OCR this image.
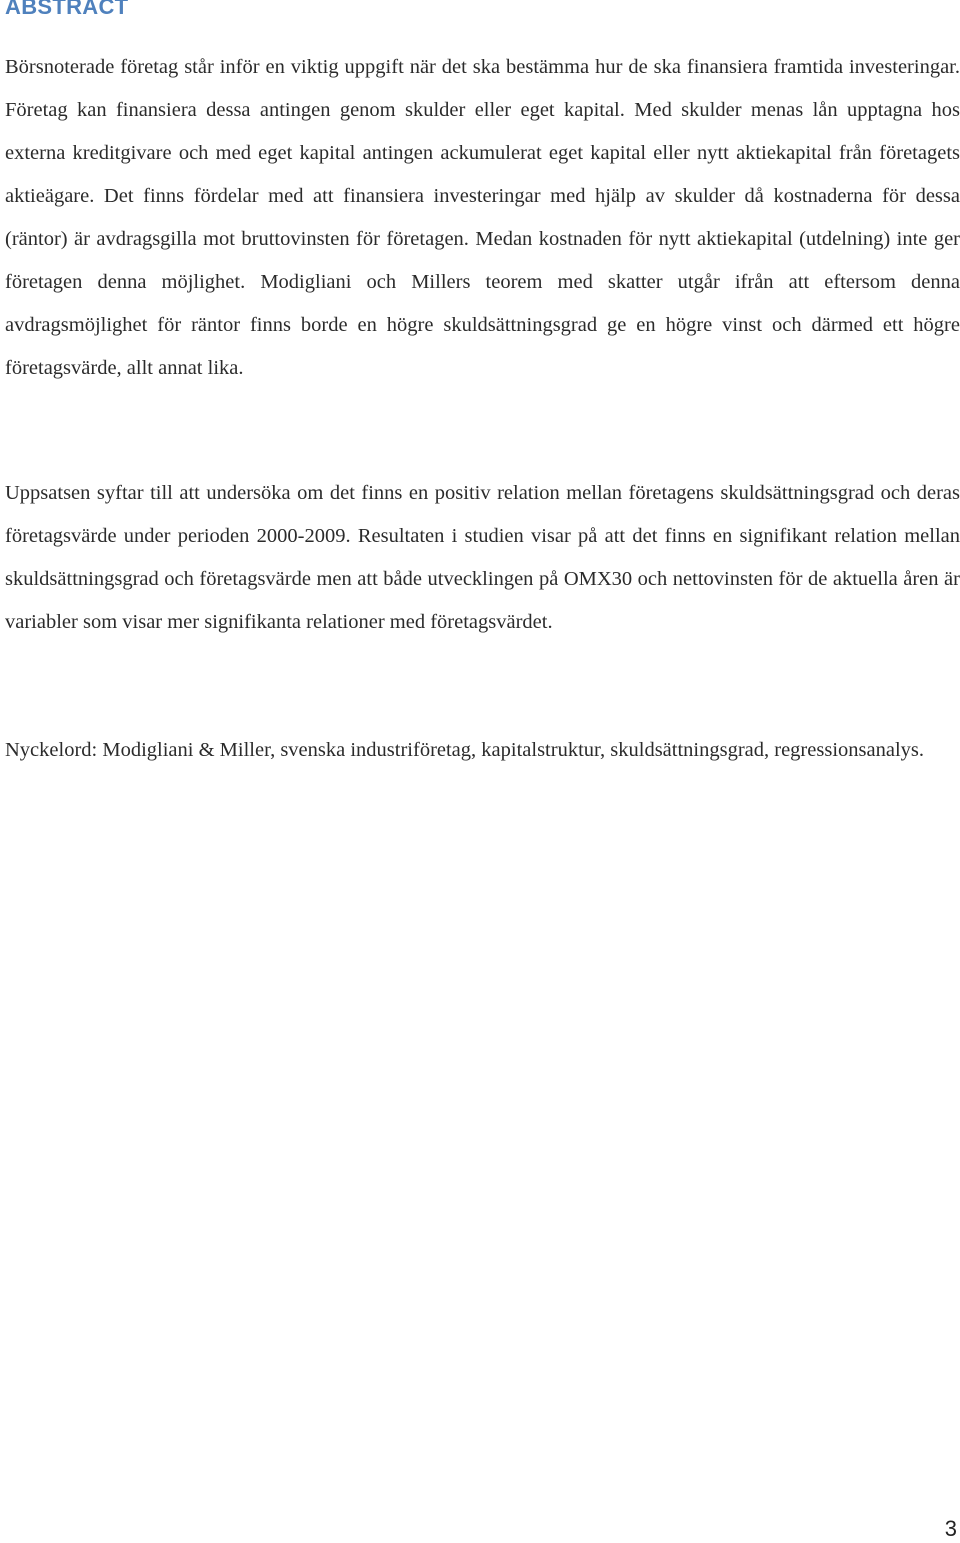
ABSTRACT

Börsnoterade företag står inför en viktig uppgift när det ska bestämma hur de ska finansiera framtida investeringar. Företag kan finansiera dessa antingen genom skulder eller eget kapital. Med skulder menas lån upptagna hos externa kreditgivare och med eget kapital antingen ackumulerat eget kapital eller nytt aktiekapital från företagets aktieägare. Det finns fördelar med att finansiera investeringar med hjälp av skulder då kostnaderna för dessa (räntor) är avdragsgilla mot bruttovinsten för företagen. Medan kostnaden för nytt aktiekapital (utdelning) inte ger företagen denna möjlighet. Modigliani och Millers teorem med skatter utgår ifrån att eftersom denna avdragsmöjlighet för räntor finns borde en högre skuldsättningsgrad ge en högre vinst och därmed ett högre företagsvärde, allt annat lika.

Uppsatsen syftar till att undersöka om det finns en positiv relation mellan företagens skuldsättningsgrad och deras företagsvärde under perioden 2000-2009. Resultaten i studien visar på att det finns en signifikant relation mellan skuldsättningsgrad och företagsvärde men att både utvecklingen på OMX30 och nettovinsten för de aktuella åren är variabler som visar mer signifikanta relationer med företagsvärdet.

Nyckelord: Modigliani & Miller, svenska industriföretag, kapitalstruktur, skuldsättningsgrad, regressionsanalys.

3
